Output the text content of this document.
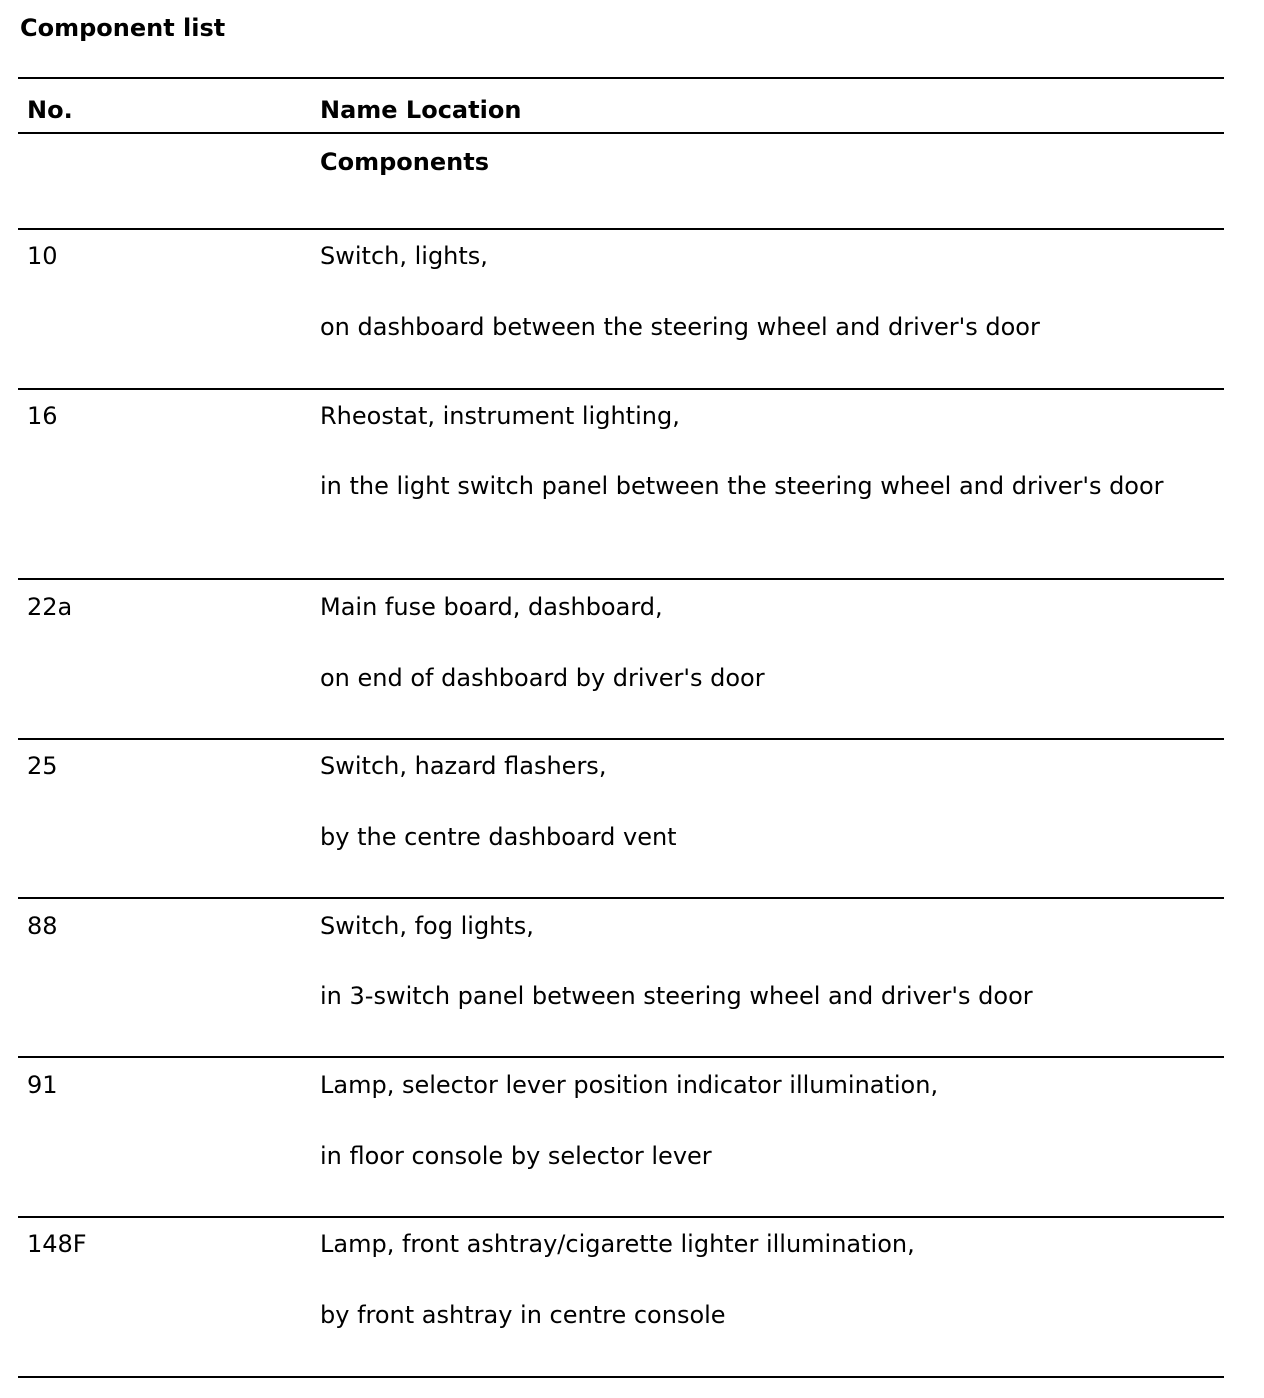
Component list
No.	Name Location
Components
10	Switch, lights,
on dashboard between the steering wheel and driver's door
16	Rheostat, instrument lighting,
in the light switch panel between the steering wheel and driver's door
22a	Main fuse board, dashboard,
on end of dashboard by driver's door
25	Switch, hazard flashers,
by the centre dashboard vent
88	Switch, fog lights,
in 3-switch panel between steering wheel and driver's door
91	Lamp, selector lever position indicator illumination,
in floor console by selector lever
148F	Lamp, front ashtray/cigarette lighter illumination,
by front ashtray in centre console
